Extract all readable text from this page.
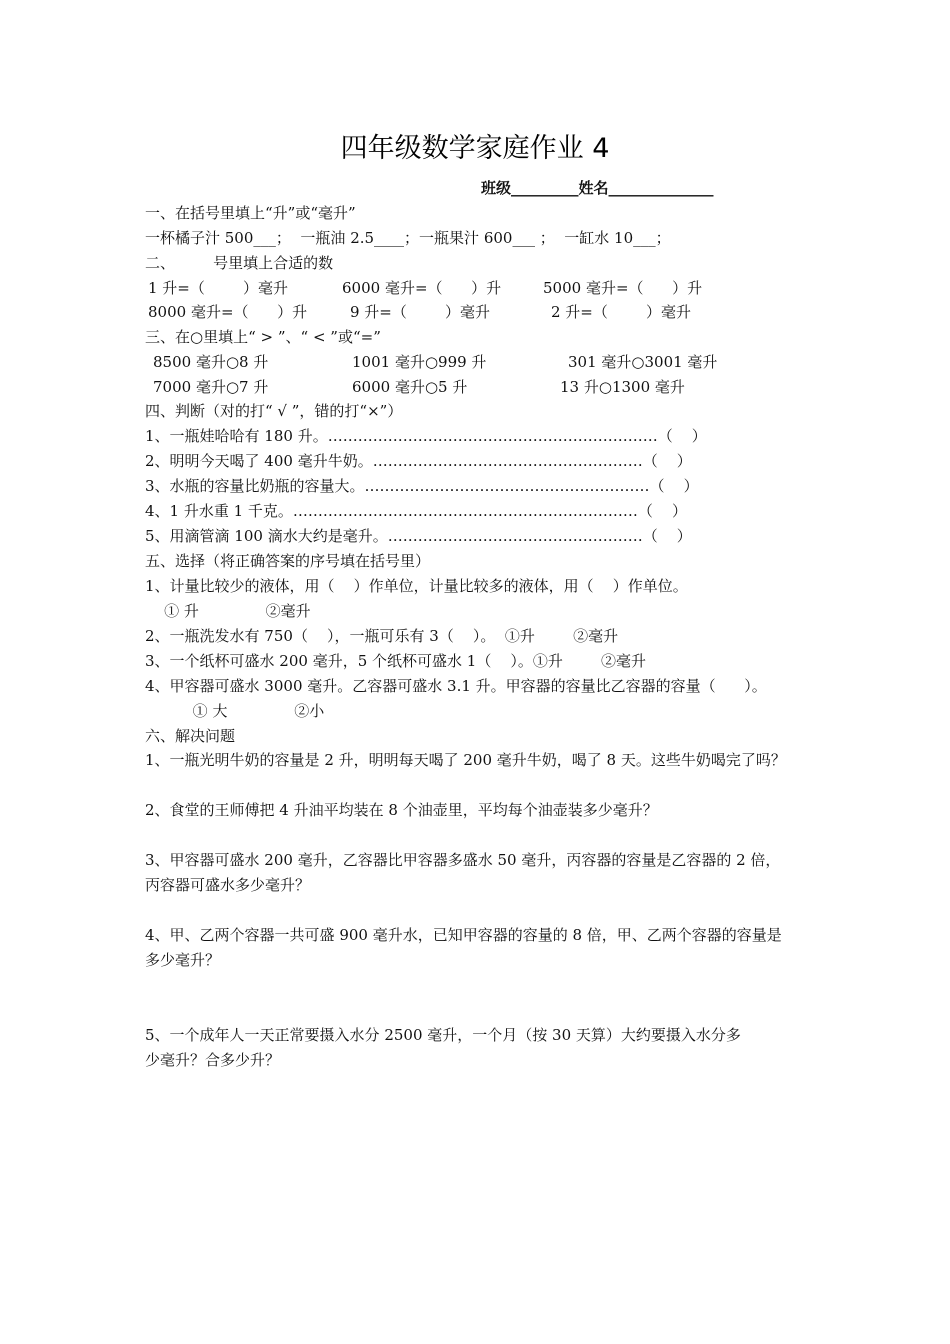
四年级数学家庭作业 4
班级_________姓名______________
一、在括号里填上“升”或“毫升”
一杯橘子汁 500___；  一瓶油 2.5____；一瓶果汁 600___ ；  一缸水 10___；
二、        号里填上合适的数
1 升=（        ）毫升	6000 毫升=（      ）升	5000 毫升=（      ）升
8000 毫升=（      ）升	9 升=（        ）毫升	2 升=（        ）毫升
三、在○里填上“ > ”、“ < ”或“=”
8500 毫升○8 升	1001 毫升○999 升	301 毫升○3001 毫升
7000 毫升○7 升	6000 毫升○5 升	13 升○1300 毫升
四、判断（对的打“ √ ”，错的打“×”）
1、一瓶娃哈哈有 180 升。…………………………………………………………（    ）
2、明明今天喝了 400 毫升牛奶。………………………………………………（    ）
3、水瓶的容量比奶瓶的容量大。…………………………………………………（    ）
4、1 升水重 1 千克。……………………………………………………………（    ）
5、用滴管滴 100 滴水大约是毫升。……………………………………………（    ）
五、选择（将正确答案的序号填在括号里）
1、计量比较少的液体，用（    ）作单位，计量比较多的液体，用（    ）作单位。
① 升              ②毫升
2、一瓶洗发水有 750（    ），一瓶可乐有 3（    ）。  ①升        ②毫升
3、一个纸杯可盛水 200 毫升，5 个纸杯可盛水 1（    ）。①升        ②毫升
4、甲容器可盛水 3000 毫升。乙容器可盛水 3.1 升。甲容器的容量比乙容器的容量（      ）。
① 大              ②小
六、解决问题
1、一瓶光明牛奶的容量是 2 升，明明每天喝了 200 毫升牛奶，喝了 8 天。这些牛奶喝完了吗？
2、食堂的王师傅把 4 升油平均装在 8 个油壶里，平均每个油壶装多少毫升？
3、甲容器可盛水 200 毫升，乙容器比甲容器多盛水 50 毫升，丙容器的容量是乙容器的 2 倍，
丙容器可盛水多少毫升？
4、甲、乙两个容器一共可盛 900 毫升水，已知甲容器的容量的 8 倍，甲、乙两个容器的容量是
多少毫升？
5、一个成年人一天正常要摄入水分 2500 毫升，一个月（按 30 天算）大约要摄入水分多
少毫升？合多少升？
